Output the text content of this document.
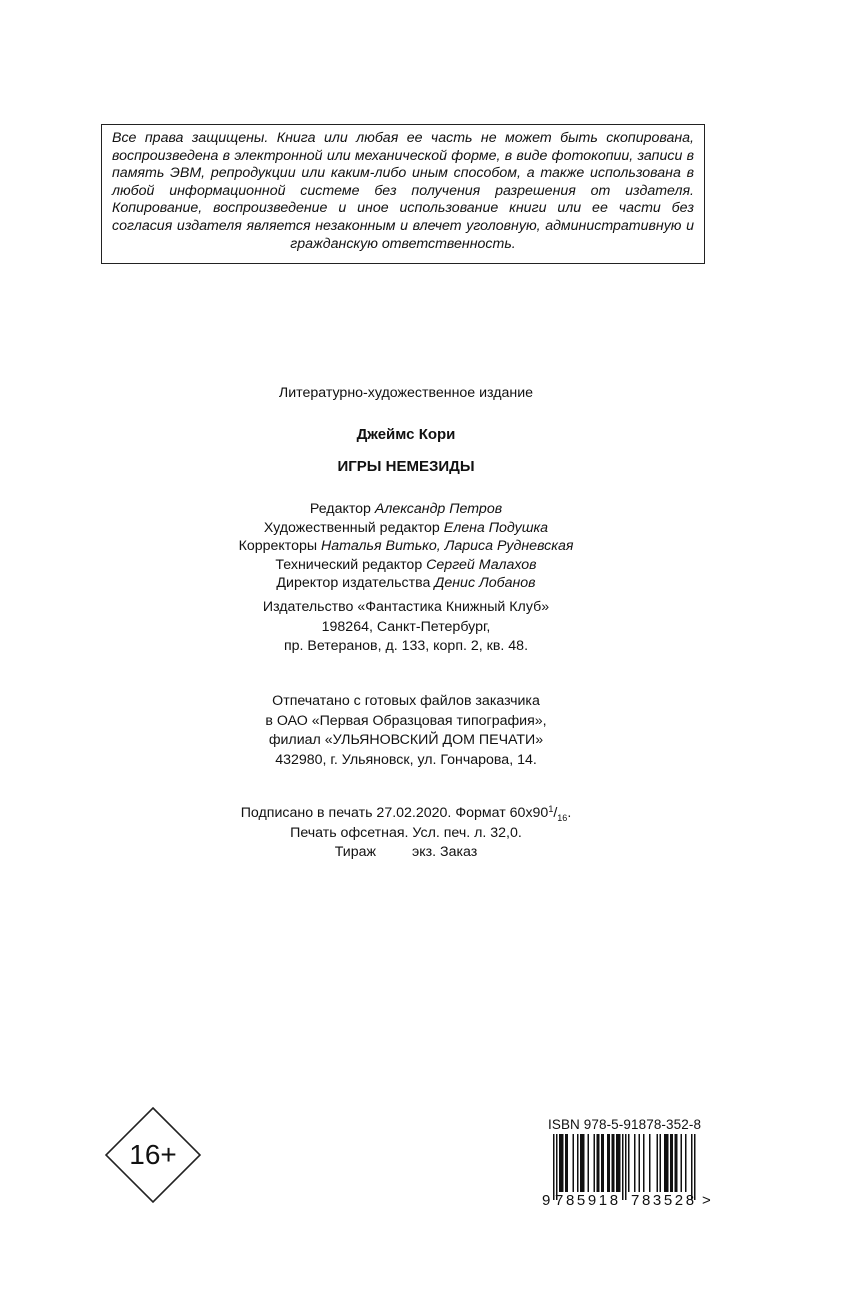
Все права защищены. Книга или любая ее часть не может быть скопирована, воспроизведена в электронной или механической форме, в виде фотокопии, записи в память ЭВМ, репродукции или каким-либо иным способом, а также использована в любой информационной системе без получения разрешения от издателя. Копирование, воспроизведение и иное использование книги или ее части без согласия издателя является незаконным и влечет уголовную, административную и гражданскую ответственность.
Литературно-художественное издание
Джеймс Кори
ИГРЫ НЕМЕЗИДЫ
Редактор Александр Петров
Художественный редактор Елена Подушка
Корректоры Наталья Витько, Лариса Рудневская
Технический редактор Сергей Малахов
Директор издательства Денис Лобанов
Издательство «Фантастика Книжный Клуб»
198264, Санкт-Петербург,
пр. Ветеранов, д. 133, корп. 2, кв. 48.
Отпечатано с готовых файлов заказчика
в ОАО «Первая Образцовая типография»,
филиал «УЛЬЯНОВСКИЙ ДОМ ПЕЧАТИ»
432980, г. Ульяновск, ул. Гончарова, 14.
Подписано в печать 27.02.2020. Формат $60x90^1/_{16}$.
Печать офсетная. Усл. печ. л. 32,0.
Тираж	экз. Заказ
16+
ISBN 978-5-91878-352-8
9 785918 783528 >
